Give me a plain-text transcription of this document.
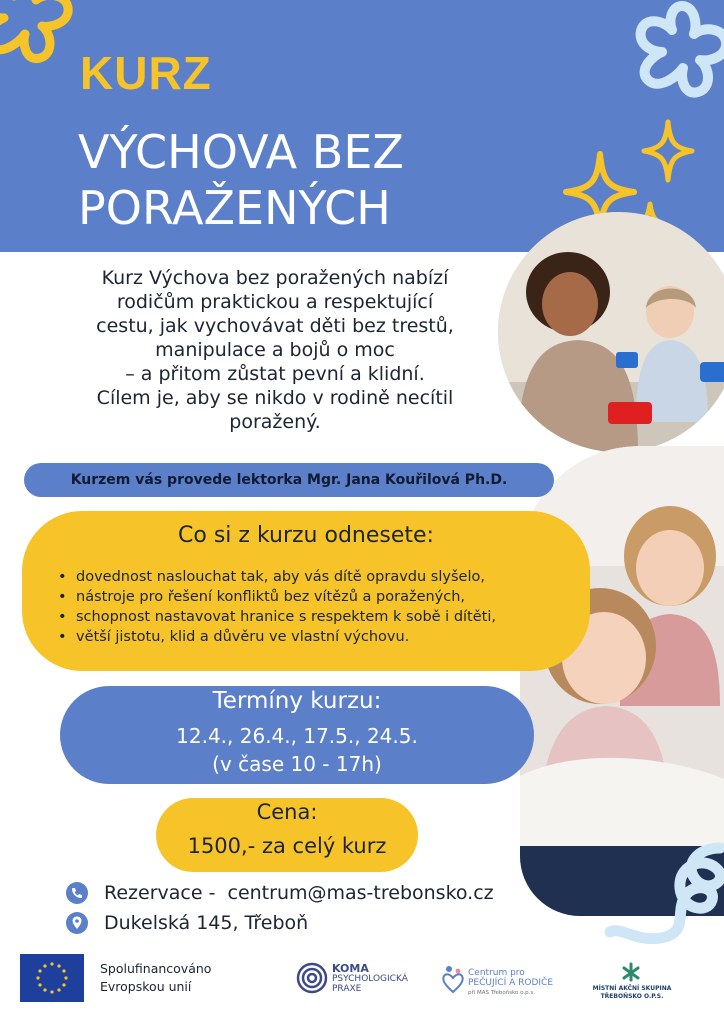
KURZ
VÝCHOVA BEZ
PORAŽENÝCH
Kurz Výchova bez poražených nabízí
rodičům praktickou a respektující
cestu, jak vychovávat děti bez trestů,
manipulace a bojů o moc
– a přitom zůstat pevní a klidní.
Cílem je, aby se nikdo v rodině necítil
poražený.
Kurzem vás provede lektorka Mgr. Jana Kouřilová Ph.D.
Co si z kurzu odnesete:
• dovednost naslouchat tak, aby vás dítě opravdu slyšelo,
• nástroje pro řešení konfliktů bez vítězů a poražených,
• schopnost nastavovat hranice s respektem k sobě i dítěti,
• větší jistotu, klid a důvěru ve vlastní výchovu.
Termíny kurzu:
12.4., 26.4., 17.5., 24.5.
(v čase 10 - 17h)
Cena:
1500,- za celý kurz
Rezervace -  centrum@mas-trebonsko.cz
Dukelská 145, Třeboň
Spolufinancováno
Evropskou unií
KOMA
PSYCHOLOGICKÁ
PRAXE
Centrum pro
PEČUJÍCÍ A RODIČE
při MAS Třeboňsko o.p.s.
MÍSTNÍ AKČNÍ SKUPINA
TŘEBOŇSKO O.P.S.
